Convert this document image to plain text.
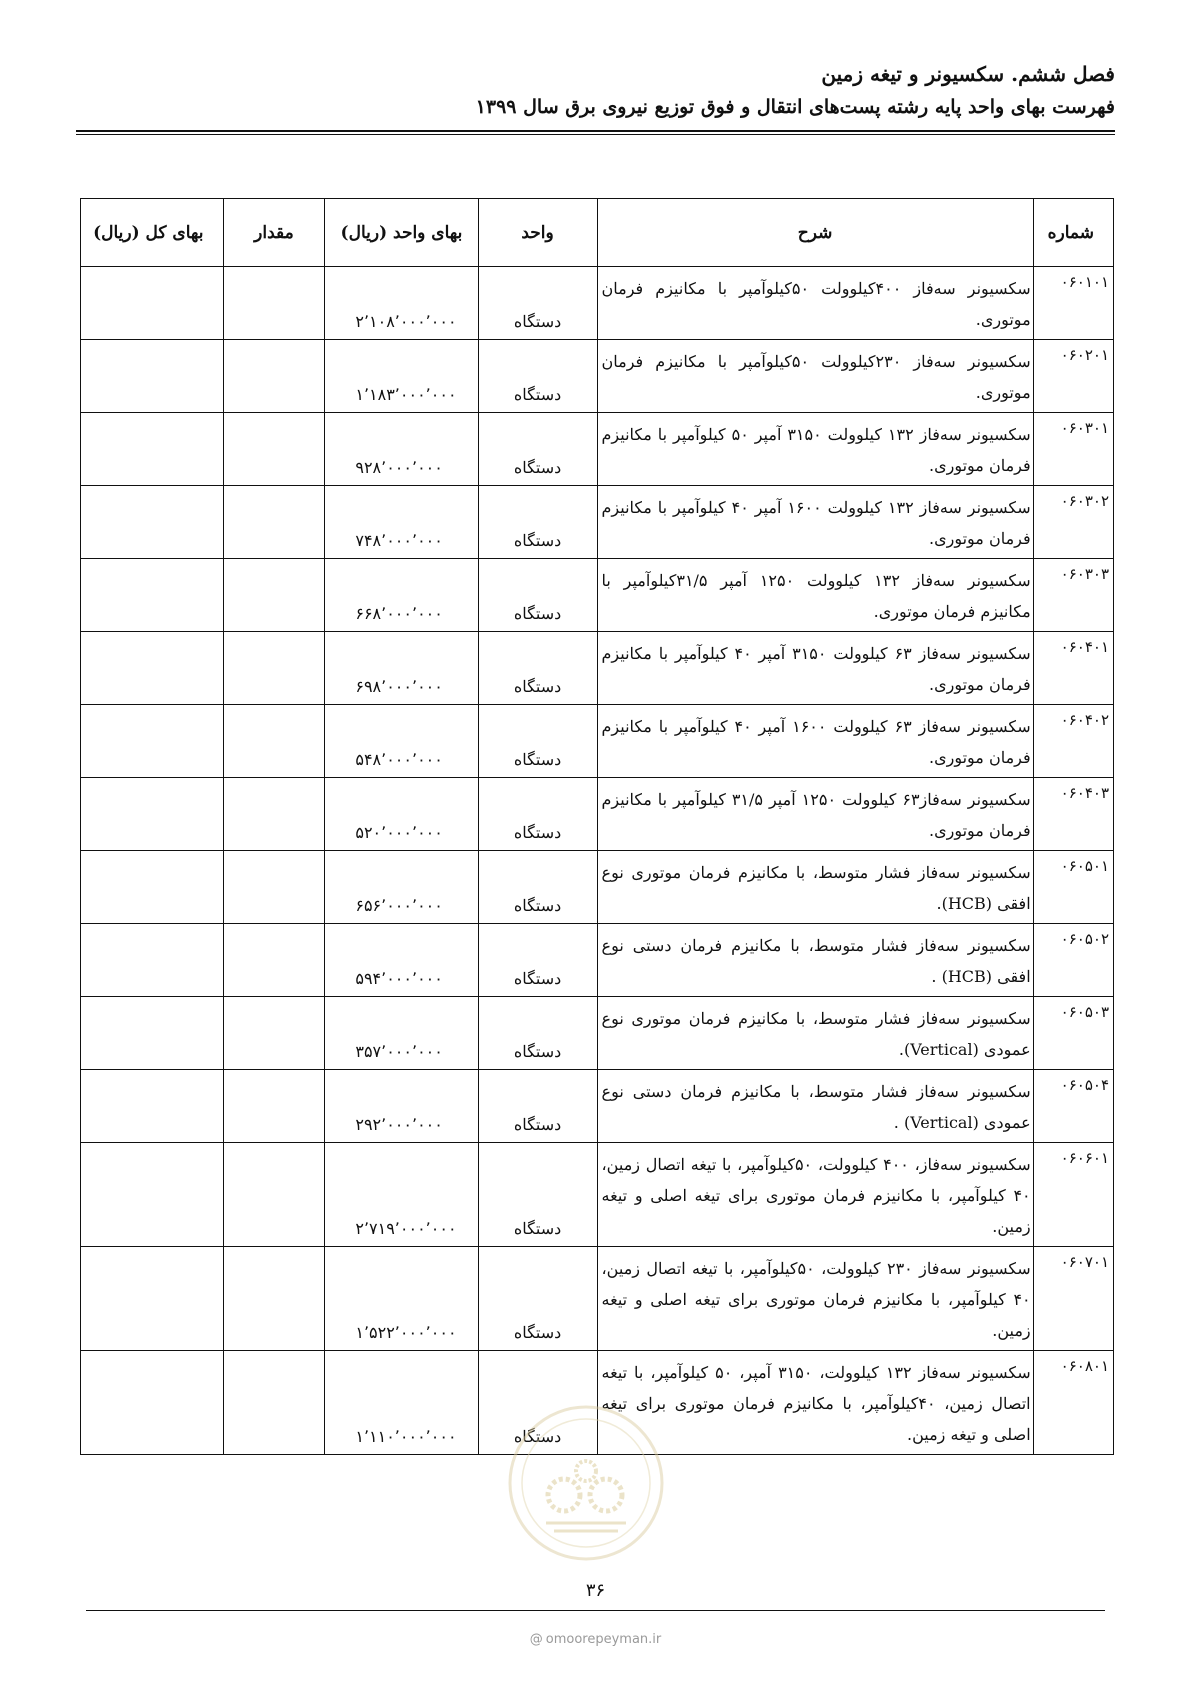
فصل ششم. سکسیونر و تیغه زمین
فهرست بهای واحد پایه رشته پست‌های انتقال و فوق توزیع نیروی برق سال ۱۳۹۹
شماره	شرح	واحد	بهای واحد (ریال)	مقدار	بهای کل (ریال)
۰۶۰۱۰۱	سکسیونر سه‌فاز ۴۰۰کیلوولت ۵۰کیلوآمپر با مکانیزم فرمان موتوری.	دستگاه	۲٬۱۰۸٬۰۰۰٬۰۰۰		
۰۶۰۲۰۱	سکسیونر سه‌فاز ۲۳۰کیلوولت ۵۰کیلوآمپر با مکانیزم فرمان موتوری.	دستگاه	۱٬۱۸۳٬۰۰۰٬۰۰۰		
۰۶۰۳۰۱	سکسیونر سه‌فاز ۱۳۲ کیلوولت ۳۱۵۰ آمپر ۵۰ کیلوآمپر با مکانیزم فرمان موتوری.	دستگاه	۹۲۸٬۰۰۰٬۰۰۰		
۰۶۰۳۰۲	سکسیونر سه‌فاز ۱۳۲ کیلوولت ۱۶۰۰ آمپر ۴۰ کیلوآمپر با مکانیزم فرمان موتوری.	دستگاه	۷۴۸٬۰۰۰٬۰۰۰		
۰۶۰۳۰۳	سکسیونر سه‌فاز ۱۳۲ کیلوولت ۱۲۵۰ آمپر ۳۱/۵کیلوآمپر با مکانیزم فرمان موتوری.	دستگاه	۶۶۸٬۰۰۰٬۰۰۰		
۰۶۰۴۰۱	سکسیونر سه‌فاز ۶۳ کیلوولت ۳۱۵۰ آمپر ۴۰ کیلوآمپر با مکانیزم فرمان موتوری.	دستگاه	۶۹۸٬۰۰۰٬۰۰۰		
۰۶۰۴۰۲	سکسیونر سه‌فاز ۶۳ کیلوولت ۱۶۰۰ آمپر ۴۰ کیلوآمپر با مکانیزم فرمان موتوری.	دستگاه	۵۴۸٬۰۰۰٬۰۰۰		
۰۶۰۴۰۳	سکسیونر سه‌فاز۶۳ کیلوولت ۱۲۵۰ آمپر ۳۱/۵ کیلوآمپر با مکانیزم فرمان موتوری.	دستگاه	۵۲۰٬۰۰۰٬۰۰۰		
۰۶۰۵۰۱	سکسیونر سه‌فاز فشار متوسط، با مکانیزم فرمان موتوری نوع افقی (HCB).	دستگاه	۶۵۶٬۰۰۰٬۰۰۰		
۰۶۰۵۰۲	سکسیونر سه‌فاز فشار متوسط، با مکانیزم فرمان دستی نوع افقی (HCB) .	دستگاه	۵۹۴٬۰۰۰٬۰۰۰		
۰۶۰۵۰۳	سکسیونر سه‌فاز فشار متوسط، با مکانیزم فرمان موتوری نوع عمودی (Vertical).	دستگاه	۳۵۷٬۰۰۰٬۰۰۰		
۰۶۰۵۰۴	سکسیونر سه‌فاز فشار متوسط، با مکانیزم فرمان دستی نوع عمودی (Vertical) .	دستگاه	۲۹۲٬۰۰۰٬۰۰۰		
۰۶۰۶۰۱	سکسیونر سه‌فاز، ۴۰۰ کیلوولت، ۵۰کیلوآمپر، با تیغه اتصال زمین، ۴۰ کیلوآمپر، با مکانیزم فرمان موتوری برای تیغه اصلی و تیغه زمین.	دستگاه	۲٬۷۱۹٬۰۰۰٬۰۰۰		
۰۶۰۷۰۱	سکسیونر سه‌فاز ۲۳۰ کیلوولت، ۵۰کیلوآمپر، با تیغه اتصال زمین، ۴۰ کیلوآمپر، با مکانیزم فرمان موتوری برای تیغه اصلی و تیغه زمین.	دستگاه	۱٬۵۲۲٬۰۰۰٬۰۰۰		
۰۶۰۸۰۱	سکسیونر سه‌فاز ۱۳۲ کیلوولت، ۳۱۵۰ آمپر، ۵۰ کیلوآمپر، با تیغه اتصال زمین، ۴۰کیلوآمپر، با مکانیزم فرمان موتوری برای تیغه اصلی و تیغه زمین.	دستگاه	۱٬۱۱۰٬۰۰۰٬۰۰۰		
۳۶
@ omoorepeyman.ir
